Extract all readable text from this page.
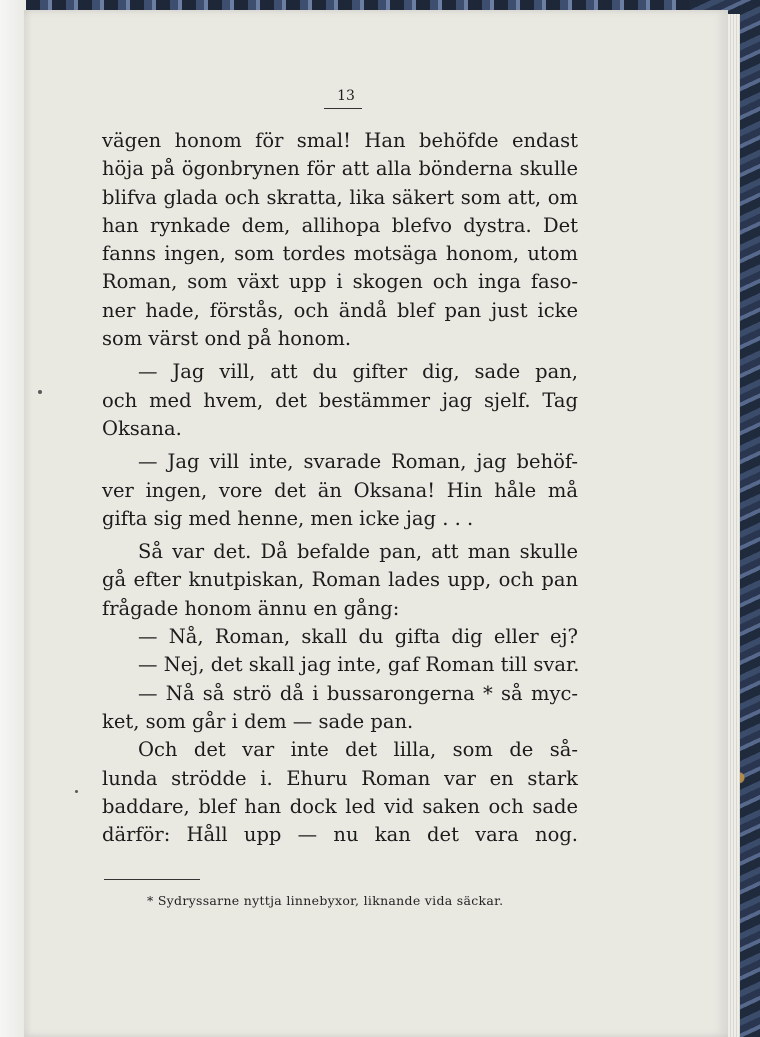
13
vägen honom för smal! Han behöfde endast
höja på ögonbrynen för att alla bönderna skulle
blifva glada och skratta, lika säkert som att, om
han rynkade dem, allihopa blefvo dystra. Det
fanns ingen, som tordes motsäga honom, utom
Roman, som växt upp i skogen och inga faso-
ner hade, förstås, och ändå blef pan just icke
som värst ond på honom.
— Jag vill, att du gifter dig, sade pan,
och med hvem, det bestämmer jag sjelf. Tag
Oksana.
— Jag vill inte, svarade Roman, jag behöf-
ver ingen, vore det än Oksana! Hin håle må
gifta sig med henne, men icke jag . . .
Så var det. Då befalde pan, att man skulle
gå efter knutpiskan, Roman lades upp, och pan
frågade honom ännu en gång:
— Nå, Roman, skall du gifta dig eller ej?
— Nej, det skall jag inte, gaf Roman till svar.
— Nå så strö då i bussarongerna * så myc-
ket, som går i dem — sade pan.
Och det var inte det lilla, som de så-
lunda strödde i. Ehuru Roman var en stark
baddare, blef han dock led vid saken och sade
därför: Håll upp — nu kan det vara nog.
* Sydryssarne nyttja linnebyxor, liknande vida säckar.
